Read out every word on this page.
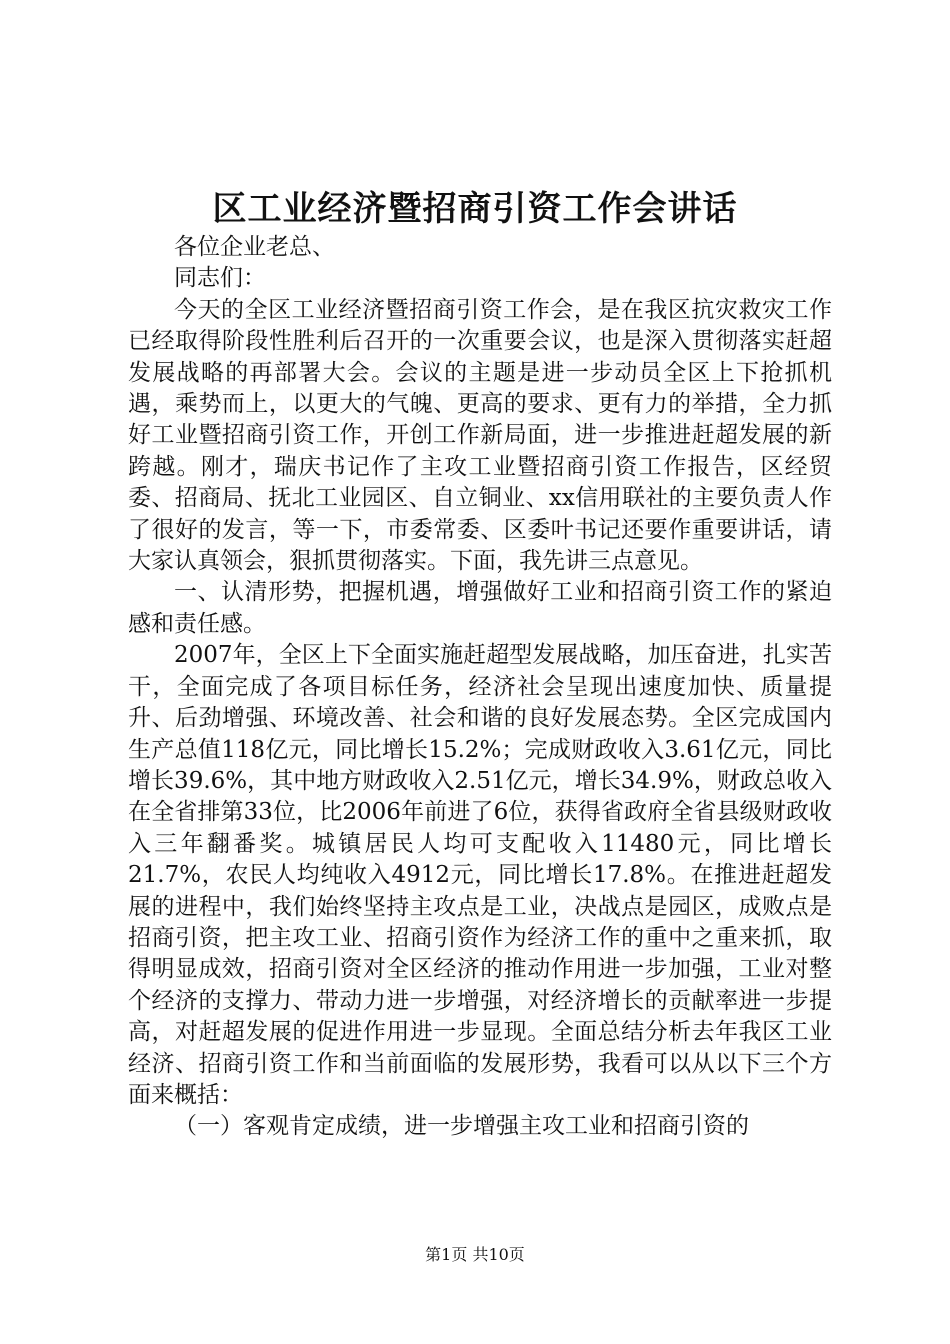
区工业经济暨招商引资工作会讲话

各位企业老总、

同志们：

今天的全区工业经济暨招商引资工作会，是在我区抗灾救灾工作已经取得阶段性胜利后召开的一次重要会议，也是深入贯彻落实赶超发展战略的再部署大会。会议的主题是进一步动员全区上下抢抓机遇，乘势而上，以更大的气魄、更高的要求、更有力的举措，全力抓好工业暨招商引资工作，开创工作新局面，进一步推进赶超发展的新跨越。刚才，瑞庆书记作了主攻工业暨招商引资工作报告，区经贸委、招商局、抚北工业园区、自立铜业、xx信用联社的主要负责人作了很好的发言，等一下，市委常委、区委叶书记还要作重要讲话，请大家认真领会，狠抓贯彻落实。下面，我先讲三点意见。

一、认清形势，把握机遇，增强做好工业和招商引资工作的紧迫感和责任感。

2007年，全区上下全面实施赶超型发展战略，加压奋进，扎实苦干，全面完成了各项目标任务，经济社会呈现出速度加快、质量提升、后劲增强、环境改善、社会和谐的良好发展态势。全区完成国内生产总值118亿元，同比增长15.2%；完成财政收入3.61亿元，同比增长39.6%，其中地方财政收入2.51亿元，增长34.9%，财政总收入在全省排第33位，比2006年前进了6位，获得省政府全省县级财政收入三年翻番奖。城镇居民人均可支配收入11480元，同比增长21.7%，农民人均纯收入4912元，同比增长17.8%。在推进赶超发展的进程中，我们始终坚持主攻点是工业，决战点是园区，成败点是招商引资，把主攻工业、招商引资作为经济工作的重中之重来抓，取得明显成效，招商引资对全区经济的推动作用进一步加强，工业对整个经济的支撑力、带动力进一步增强，对经济增长的贡献率进一步提高，对赶超发展的促进作用进一步显现。全面总结分析去年我区工业经济、招商引资工作和当前面临的发展形势，我看可以从以下三个方面来概括：

（一）客观肯定成绩，进一步增强主攻工业和招商引资的

第1页 共10页
